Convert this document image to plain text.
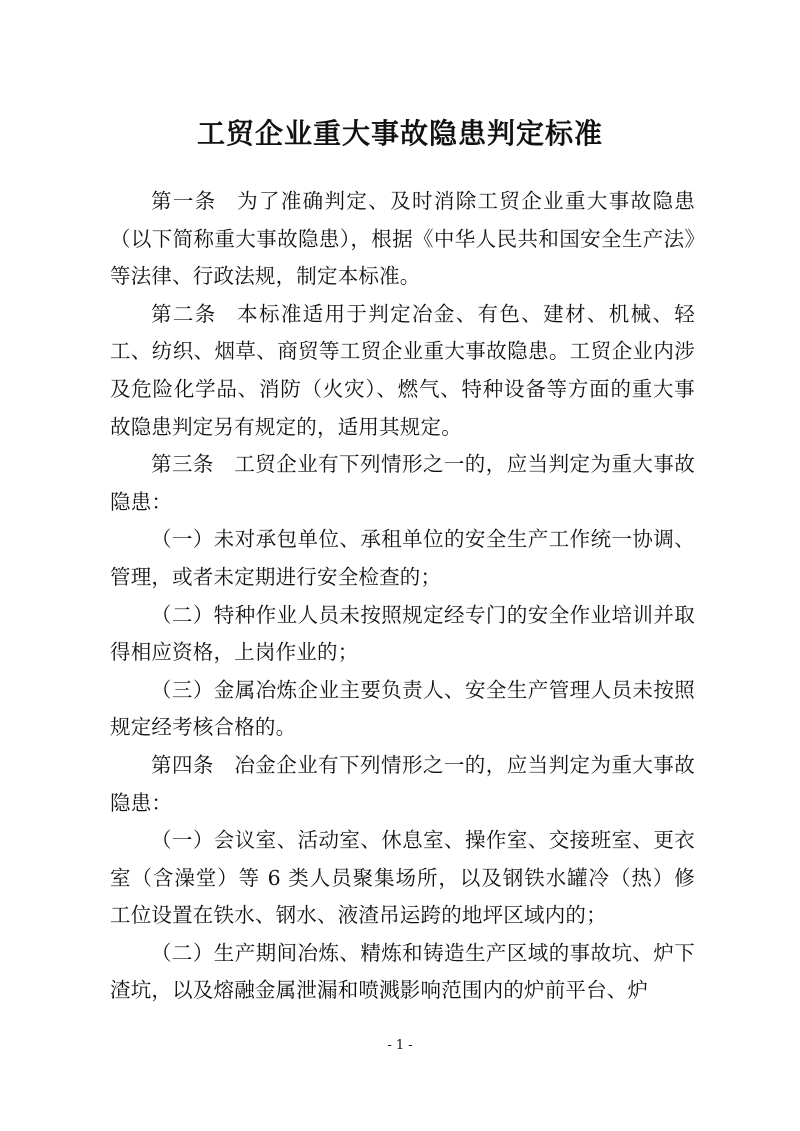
工贸企业重大事故隐患判定标准

第一条 为了准确判定、及时消除工贸企业重大事故隐患（以下简称重大事故隐患），根据《中华人民共和国安全生产法》等法律、行政法规，制定本标准。

第二条 本标准适用于判定冶金、有色、建材、机械、轻工、纺织、烟草、商贸等工贸企业重大事故隐患。工贸企业内涉及危险化学品、消防（火灾）、燃气、特种设备等方面的重大事故隐患判定另有规定的，适用其规定。

第三条 工贸企业有下列情形之一的，应当判定为重大事故隐患：

（一）未对承包单位、承租单位的安全生产工作统一协调、管理，或者未定期进行安全检查的；

（二）特种作业人员未按照规定经专门的安全作业培训并取得相应资格，上岗作业的；

（三）金属冶炼企业主要负责人、安全生产管理人员未按照规定经考核合格的。

第四条 冶金企业有下列情形之一的，应当判定为重大事故隐患：

（一）会议室、活动室、休息室、操作室、交接班室、更衣室（含澡堂）等 6 类人员聚集场所，以及钢铁水罐冷（热）修工位设置在铁水、钢水、液渣吊运跨的地坪区域内的；

（二）生产期间冶炼、精炼和铸造生产区域的事故坑、炉下渣坑，以及熔融金属泄漏和喷溅影响范围内的炉前平台、炉

- 1 -
